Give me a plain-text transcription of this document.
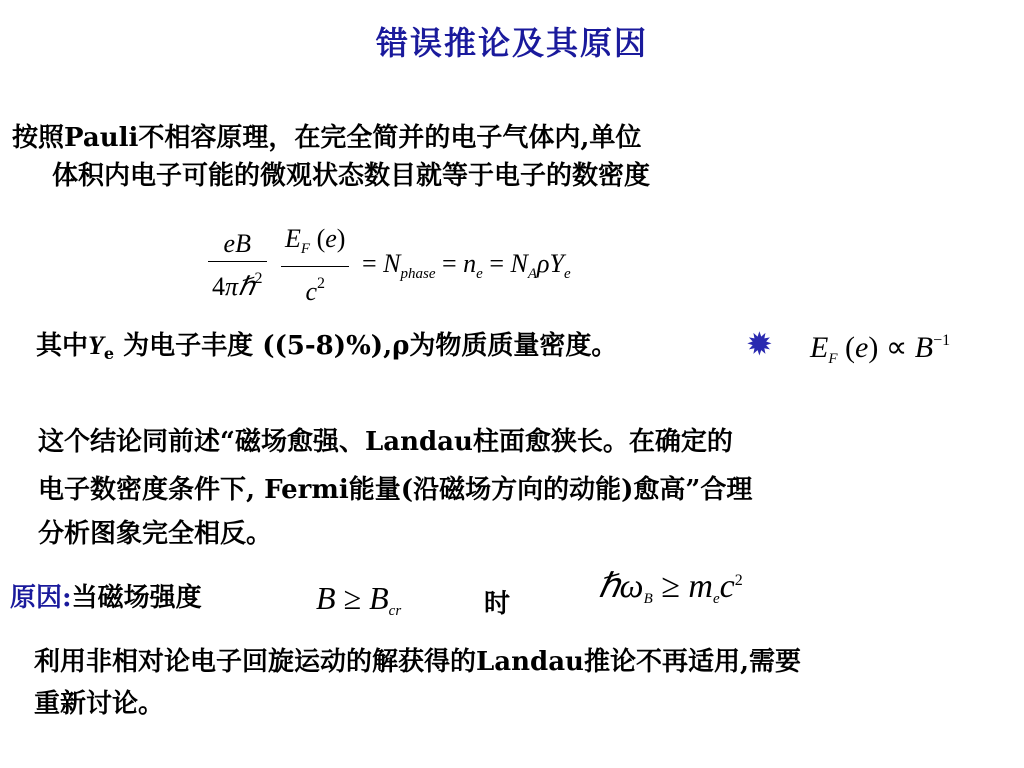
错误推论及其原因
按照Pauli不相容原理，在完全简并的电子气体内,单位
体积内电子可能的微观状态数目就等于电子的数密度
$\frac{eB}{4\pi\hbar^2}$
$\frac{E_F (e)}{c^2} = N_{phase} = n_e = N_A\rho Y_e$
其中Ye 为电子丰度 ((5-8)%),ρ为物质质量密度。	✹ $E_F$ $(e) \propto B^{-1}$
这个结论同前述“磁场愈强、Landau柱面愈狭长。在确定的
电子数密度条件下, Fermi能量(沿磁场方向的动能)愈高”合理
分析图象完全相反。
原因:当磁场强度	$B \ge B_{cr}$	时	ℏω$_B$ ≥ $m_ec^2$
利用非相对论电子回旋运动的解获得的Landau推论不再适用,需要
重新讨论。
